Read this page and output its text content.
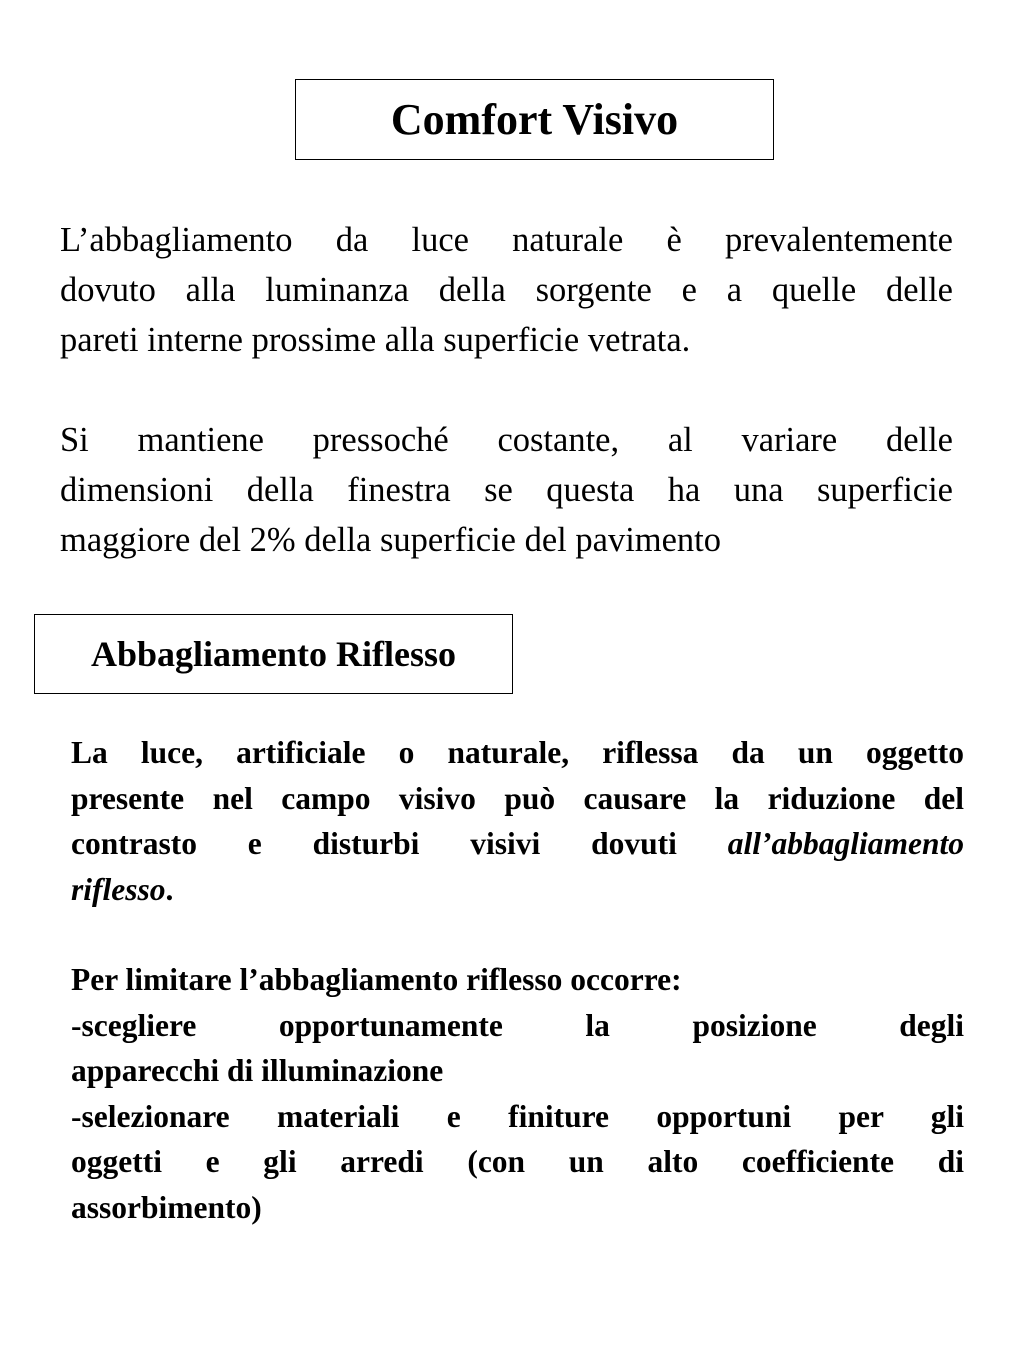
Comfort Visivo
L’abbagliamento da luce naturale è prevalentemente
dovuto alla luminanza della sorgente e a quelle delle
pareti interne prossime alla superficie vetrata.
Si mantiene pressoché costante, al variare delle
dimensioni della finestra se questa ha una superficie
maggiore del 2% della superficie del pavimento
Abbagliamento Riflesso
La luce, artificiale o naturale, riflessa da un oggetto
presente nel campo visivo può causare la riduzione del
contrasto e disturbi visivi dovuti all’abbagliamento
riflesso.
Per limitare l’abbagliamento riflesso occorre:
-scegliere opportunamente la posizione degli
apparecchi di illuminazione
-selezionare materiali e finiture opportuni per gli
oggetti e gli arredi (con un alto coefficiente di
assorbimento)
